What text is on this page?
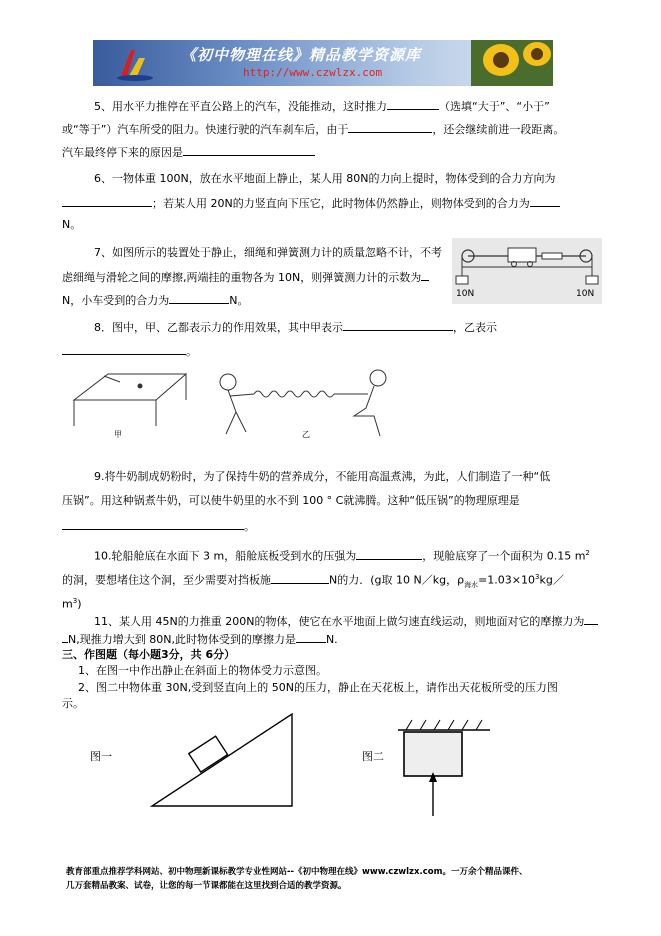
《初中物理在线》精品教学资源库
http://www.czwlzx.com
5、用水平力推停在平直公路上的汽车，没能推动，这时推力	（选填“大于”、“小于”
或“等于”）汽车所受的阻力。快速行驶的汽车刹车后，由于	，还会继续前进一段距离。
汽车最终停下来的原因是
6、一物体重 100N，放在水平地面上静止，某人用 80N的力向上提时，物体受到的合力方向为
；若某人用 20N的力竖直向下压它，此时物体仍然静止，则物体受到的合力为
N。
7、如图所示的装置处于静止，细绳和弹簧测力计的质量忽略不计，不考
虑细绳与滑轮之间的摩擦,两端挂的重物各为 10N，则弹簧测力计的示数为
N，小车受到的合力为	N。	10N	10N
8．图中，甲、乙都表示力的作用效果，其中甲表示	，乙表示
。
甲	乙
9.将牛奶制成奶粉时，为了保持牛奶的营养成分，不能用高温煮沸，为此，人们制造了一种“低
压锅”。用这种锅煮牛奶，可以使牛奶里的水不到 100 ° C就沸腾。这种“低压锅”的物理原理是
。
10.轮船舱底在水面下 3 m，船舱底板受到水的压强为	，现舱底穿了一个面积为 0.15 $m^2$
的洞，要想堵住这个洞，至少需要对挡板施	N的力．(g取 10 N／kg，$\rho_{海水}=1.03\times 10^3kg/$
$m^3$)
11、某人用 45N的力推重 200N的物体，使它在水平地面上做匀速直线运动，则地面对它的摩擦力为
N,现推力增大到 80N,此时物体受到的摩擦力是	N.
三、作图题（每小题3分，共 6分）
1、在图一中作出静止在斜面上的物体受力示意图。
2、图二中物体重 30N,受到竖直向上的 50N的压力，静止在天花板上，请作出天花板所受的压力图
示。
图一	图二
教育部重点推荐学科网站、初中物理新课标教学专业性网站--《初中物理在线》www.czwlzx.com。一万余个精品课件、
几万套精品教案、试卷，让您的每一节课都能在这里找到合适的教学资源。
